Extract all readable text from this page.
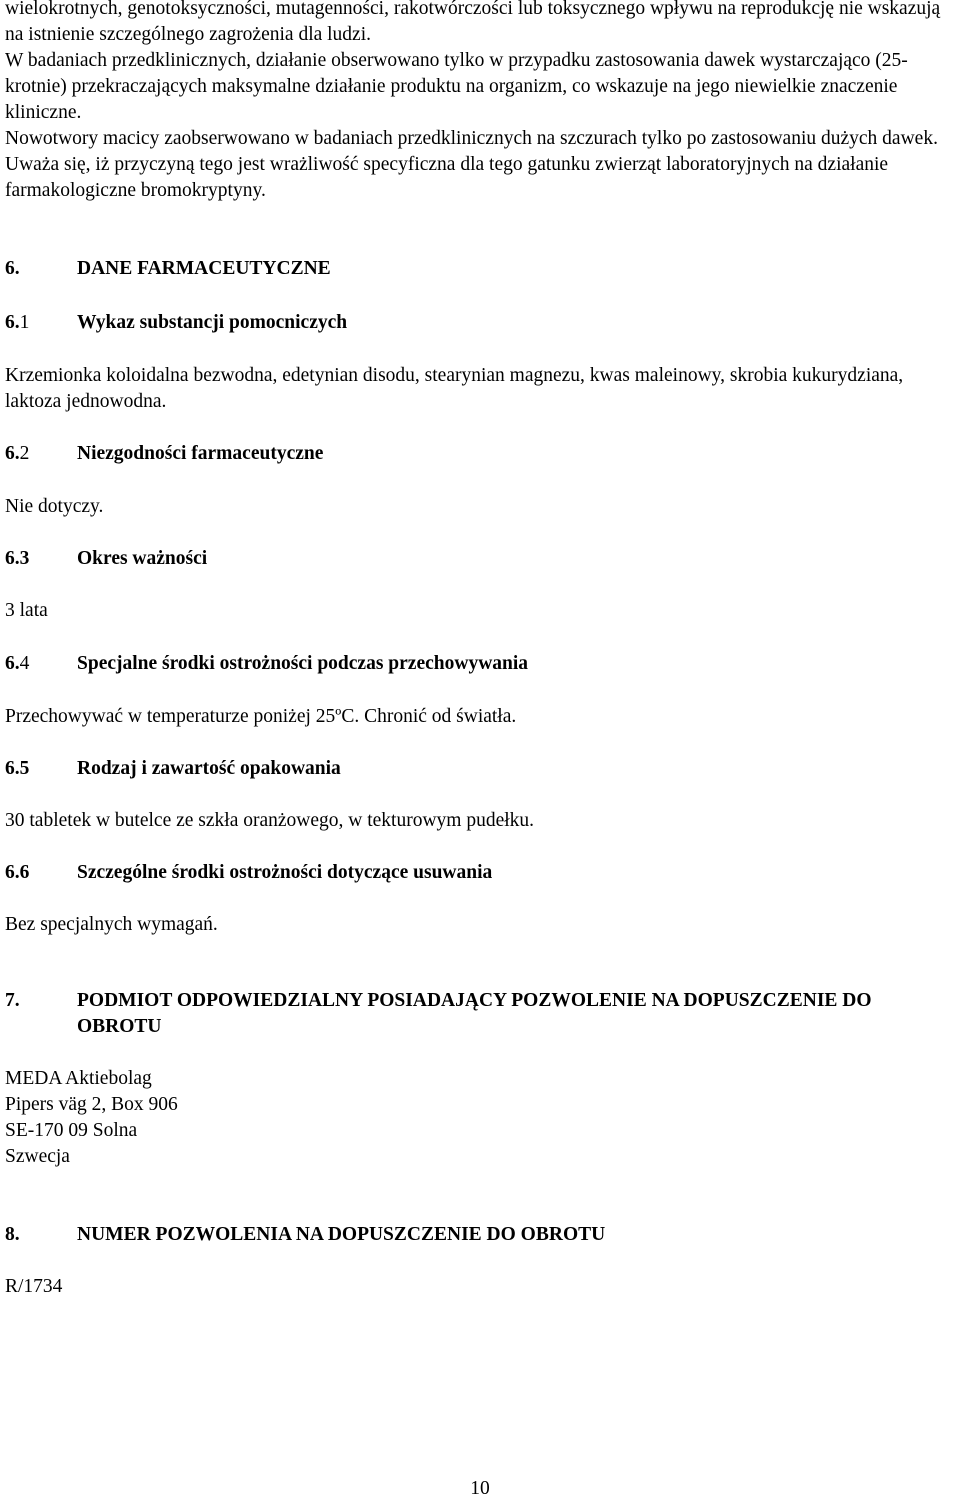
wielokrotnych, genotoksyczności, mutagenności, rakotwórczości lub toksycznego wpływu na reprodukcję nie wskazują na istnienie szczególnego zagrożenia dla ludzi.

W badaniach przedklinicznych, działanie obserwowano tylko w przypadku zastosowania dawek wystarczająco (25-krotnie) przekraczających maksymalne działanie produktu na organizm, co wskazuje na jego niewielkie znaczenie kliniczne.

Nowotwory macicy zaobserwowano w badaniach przedklinicznych na szczurach tylko po zastosowaniu dużych dawek. Uważa się, iż przyczyną tego jest wrażliwość specyficzna dla tego gatunku zwierząt laboratoryjnych na działanie farmakologiczne bromokryptyny.

6.	DANE FARMACEUTYCZNE
6.1	Wykaz substancji pomocniczych

Krzemionka koloidalna bezwodna, edetynian disodu, stearynian magnezu, kwas maleinowy, skrobia kukurydziana, laktoza jednowodna.

6.2	Niezgodności farmaceutyczne

Nie dotyczy.

6.3	Okres ważności

3 lata

6.4	Specjalne środki ostrożności podczas przechowywania

Przechowywać w temperaturze poniżej 25ºC. Chronić od światła.

6.5	Rodzaj i zawartość opakowania

30 tabletek w butelce ze szkła oranżowego, w tekturowym pudełku.

6.6	Szczególne środki ostrożności dotyczące usuwania

Bez specjalnych wymagań.

7.	PODMIOT ODPOWIEDZIALNY POSIADAJĄCY POZWOLENIE NA DOPUSZCZENIE DO OBROTU

MEDA Aktiebolag

Pipers väg 2, Box 906

SE-170 09 Solna

Szwecja

8.	NUMER POZWOLENIA NA DOPUSZCZENIE DO OBROTU

R/1734

10
